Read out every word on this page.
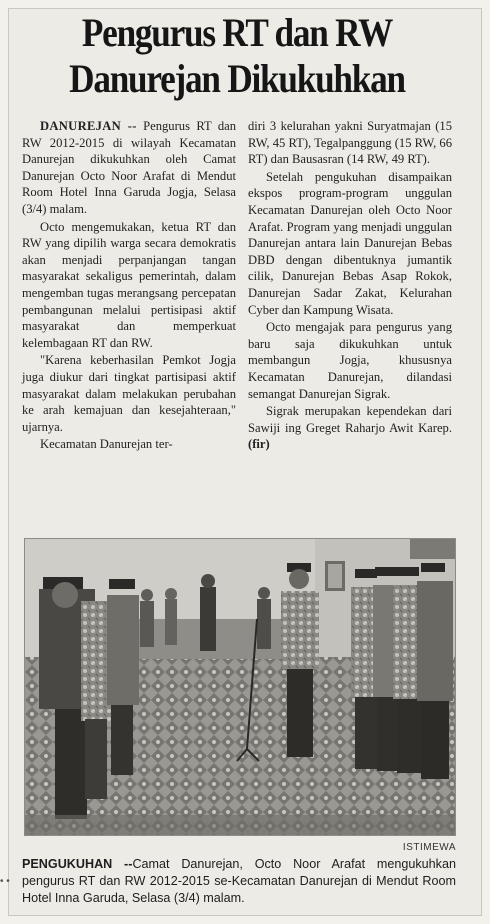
Pengurus RT dan RW Danurejan Dikukuhkan

DANUREJAN -- Pengurus RT dan RW 2012-2015 di wilayah Kecamatan Danurejan dikukuhkan oleh Camat Danurejan Octo Noor Arafat di Mendut Room Hotel Inna Garuda Jogja, Selasa (3/4) malam.

Octo mengemukakan, ketua RT dan RW yang dipilih warga secara demokratis akan menjadi perpanjangan tangan masyarakat sekaligus pemerintah, dalam mengemban tugas merangsang percepatan pembangunan melalui pertisipasi aktif masyarakat dan memperkuat kelembagaan RT dan RW.

"Karena keberhasilan Pemkot Jogja juga diukur dari tingkat partisipasi aktif masyarakat dalam melakukan perubahan ke arah kemajuan dan kesejahteraan," ujarnya.

Kecamatan Danurejan ter-

diri 3 kelurahan yakni Suryatmajan (15 RW, 45 RT), Tegalpanggung (15 RW, 66 RT) dan Bausasran (14 RW, 49 RT).

Setelah pengukuhan disampaikan ekspos program-program unggulan Kecamatan Danurejan oleh Octo Noor Arafat. Program yang menjadi unggulan Danurejan antara lain Danurejan Bebas DBD dengan dibentuknya jumantik cilik, Danurejan Bebas Asap Rokok, Danurejan Sadar Zakat, Kelurahan Cyber dan Kampung Wisata.

Octo mengajak para pengurus yang baru saja dikukuhkan untuk membangun Jogja, khususnya Kecamatan Danurejan, dilandasi semangat Danurejan Sigrak.

Sigrak merupakan kependekan dari Sawiji ing Greget Raharjo Awit Karep. (fir)

ISTIMEWA
PENGUKUHAN --Camat Danurejan, Octo Noor Arafat mengukuhkan pengurus RT dan RW 2012-2015 se-Kecamatan Danurejan di Mendut Room Hotel Inna Garuda, Selasa (3/4) malam.
• •
